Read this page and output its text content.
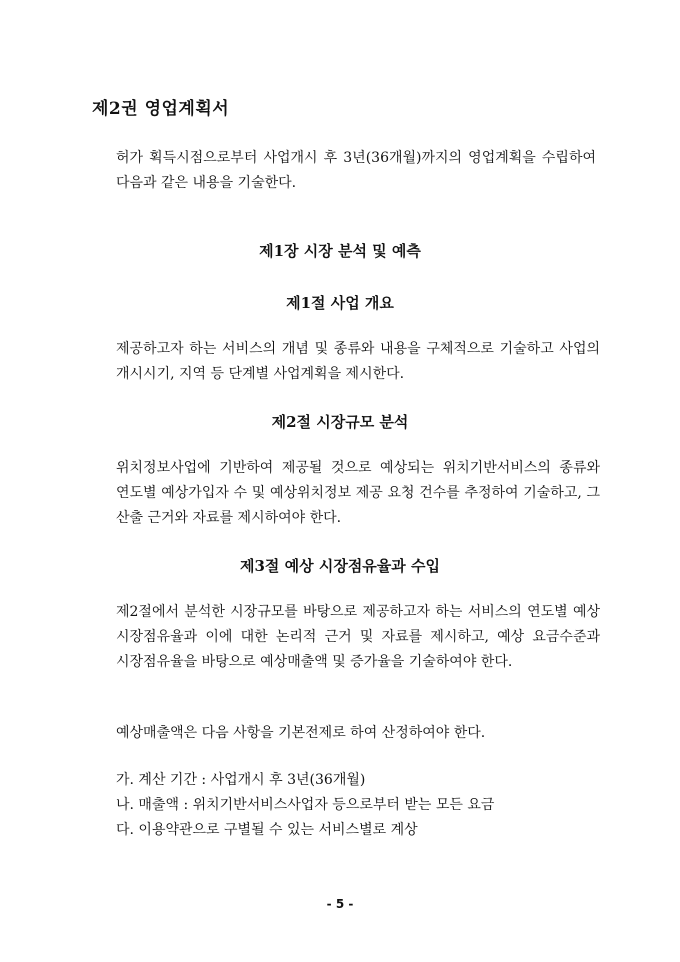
제2권 영업계획서

허가 획득시점으로부터 사업개시 후 3년(36개월)까지의 영업계획을 수립하여 다음과 같은 내용을 기술한다.

제1장 시장 분석 및 예측
제1절 사업 개요

제공하고자 하는 서비스의 개념 및 종류와 내용을 구체적으로 기술하고 사업의 개시시기, 지역 등 단계별 사업계획을 제시한다.

제2절 시장규모 분석

위치정보사업에 기반하여 제공될 것으로 예상되는 위치기반서비스의 종류와 연도별 예상가입자 수 및 예상위치정보 제공 요청 건수를 추정하여 기술하고, 그 산출 근거와 자료를 제시하여야 한다.

제3절 예상 시장점유율과 수입

제2절에서 분석한 시장규모를 바탕으로 제공하고자 하는 서비스의 연도별 예상 시장점유율과 이에 대한 논리적 근거 및 자료를 제시하고, 예상 요금수준과 시장점유율을 바탕으로 예상매출액 및 증가율을 기술하여야 한다.

예상매출액은 다음 사항을 기본전제로 하여 산정하여야 한다.

가. 계산 기간 : 사업개시 후 3년(36개월)
나. 매출액 : 위치기반서비스사업자 등으로부터 받는 모든 요금
다. 이용약관으로 구별될 수 있는 서비스별로 계상
- 5 -
